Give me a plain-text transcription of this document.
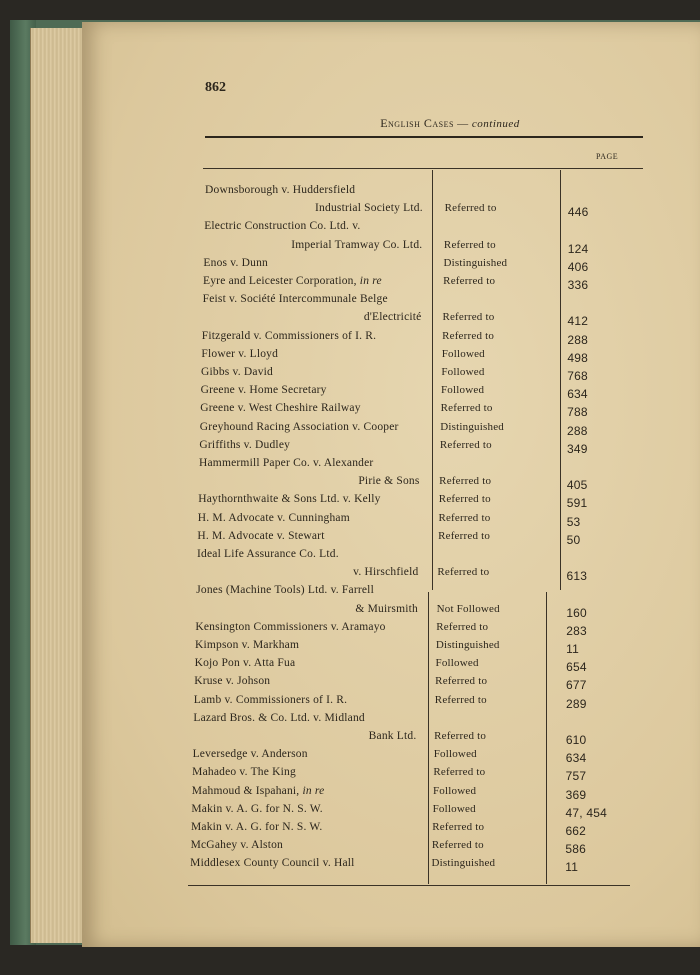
862
English Cases — continued
PAGE
Downsborough v. Huddersfield
Industrial Society Ltd. Referred to	446
Electric Construction Co. Ltd. v.
Imperial Tramway Co. Ltd. Referred to	124
Enos v. Dunn	Distinguished	406
Eyre and Leicester Corporation, in re	Referred to	336
Feist v. Société Intercommunale Belge
d'Electricité Referred to	412
Fitzgerald v. Commissioners of I. R.	Referred to	288
Flower v. Lloyd	Followed	498
Gibbs v. David	Followed	768
Greene v. Home Secretary	Followed	634
Greene v. West Cheshire Railway	Referred to	788
Greyhound Racing Association v. Cooper	Distinguished	288
Griffiths v. Dudley	Referred to	349
Hammermill Paper Co. v. Alexander
Pirie & Sons Referred to	405
Haythornthwaite & Sons Ltd. v. Kelly	Referred to	591
H. M. Advocate v. Cunningham	Referred to	53
H. M. Advocate v. Stewart	Referred to	50
Ideal Life Assurance Co. Ltd.
v. Hirschfield Referred to	613
Jones (Machine Tools) Ltd. v. Farrell
& Muirsmith Not Followed	160
Kensington Commissioners v. Aramayo	Referred to	283
Kimpson v. Markham	Distinguished	11
Kojo Pon v. Atta Fua	Followed	654
Kruse v. Johson	Referred to	677
Lamb v. Commissioners of I. R.	Referred to	289
Lazard Bros. & Co. Ltd. v. Midland
Bank Ltd. Referred to	610
Leversedge v. Anderson	Followed	634
Mahadeo v. The King	Referred to	757
Mahmoud & Ispahani, in re	Followed	369
Makin v. A. G. for N. S. W.	Followed	47, 454
Makin v. A. G. for N. S. W.	Referred to	662
McGahey v. Alston	Referred to	586
Middlesex County Council v. Hall	Distinguished	11
